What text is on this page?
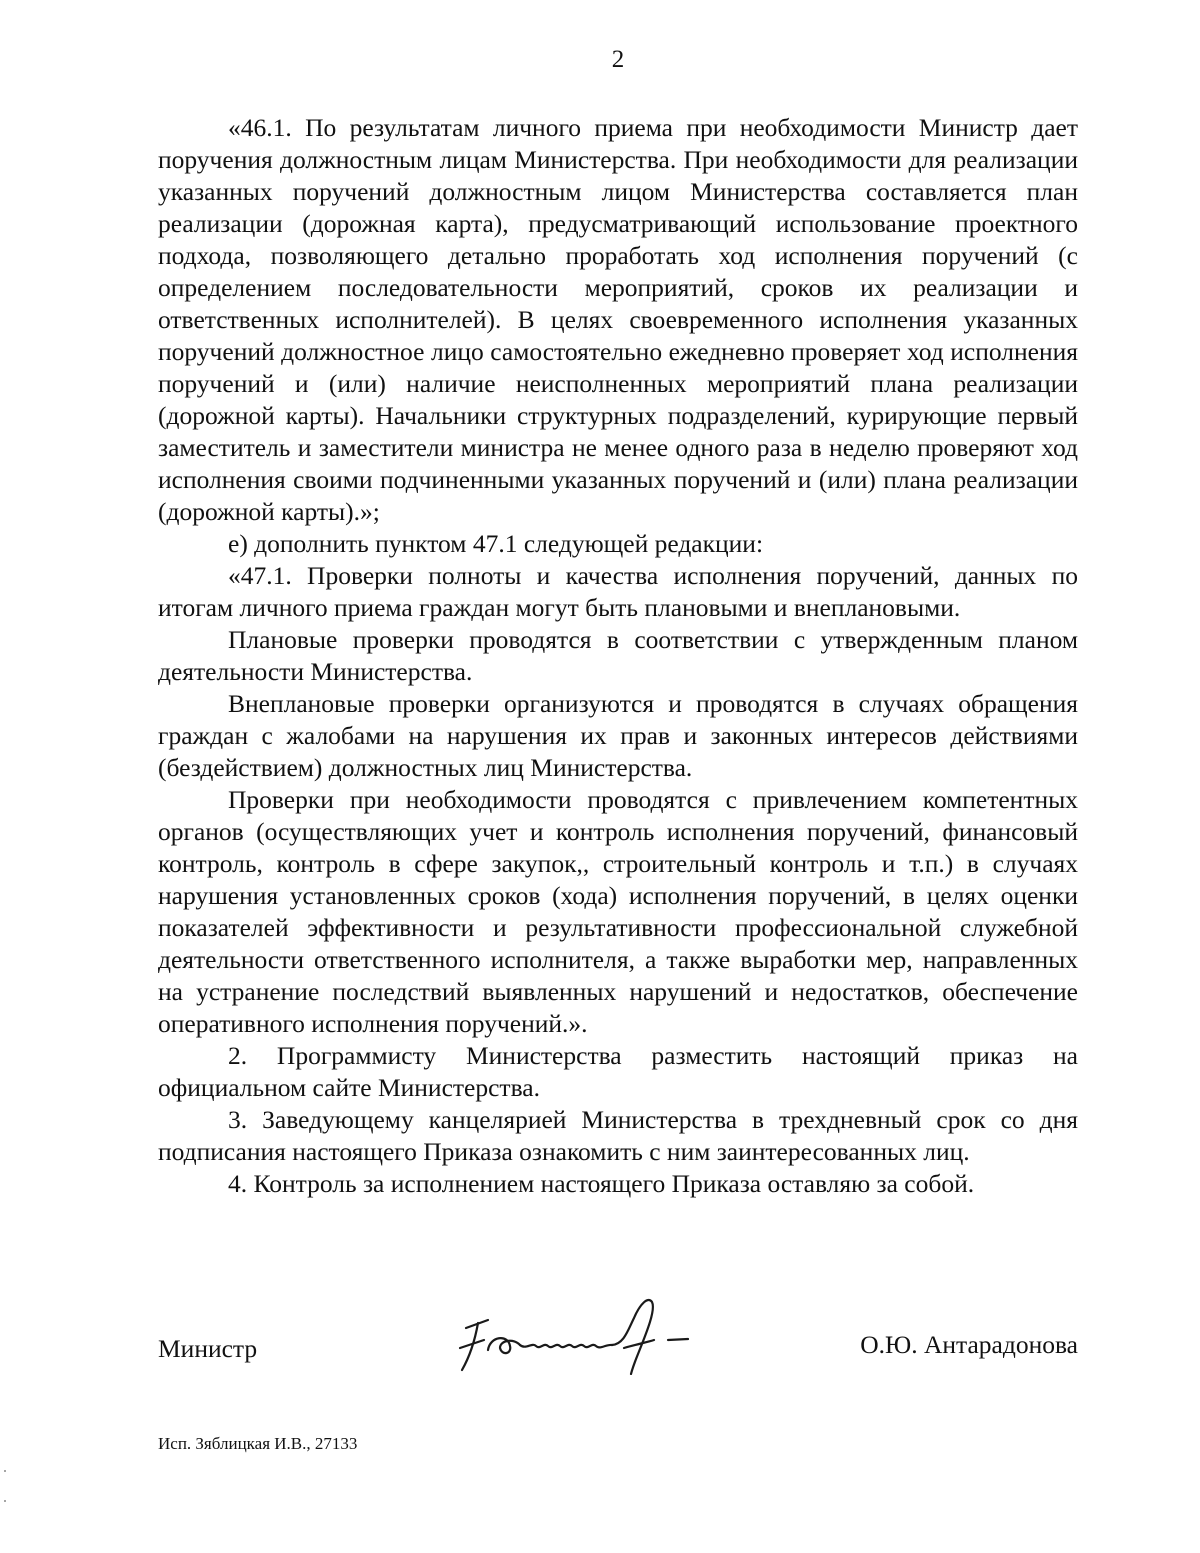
2

«46.1. По результатам личного приема при необходимости Министр дает поручения должностным лицам Министерства. При необходимости для реализации указанных поручений должностным лицом Министерства составляется план реализации (дорожная карта), предусматривающий использование проектного подхода, позволяющего детально проработать ход исполнения поручений (с определением последовательности мероприятий, сроков их реализации и ответственных исполнителей). В целях своевременного исполнения указанных поручений должностное лицо самостоятельно ежедневно проверяет ход исполнения поручений и (или) наличие неисполненных мероприятий плана реализации (дорожной карты). Начальники структурных подразделений, курирующие первый заместитель и заместители министра не менее одного раза в неделю проверяют ход исполнения своими подчиненными указанных поручений и (или) плана реализации (дорожной карты).»;

е) дополнить пунктом 47.1 следующей редакции:

«47.1. Проверки полноты и качества исполнения поручений, данных по итогам личного приема граждан могут быть плановыми и внеплановыми.

Плановые проверки проводятся в соответствии с утвержденным планом деятельности Министерства.

Внеплановые проверки организуются и проводятся в случаях обращения граждан с жалобами на нарушения их прав и законных интересов действиями (бездействием) должностных лиц Министерства.

Проверки при необходимости проводятся с привлечением компетентных органов (осуществляющих учет и контроль исполнения поручений, финансовый контроль, контроль в сфере закупок,, строительный контроль и т.п.) в случаях нарушения установленных сроков (хода) исполнения поручений, в целях оценки показателей эффективности и результативности профессиональной служебной деятельности ответственного исполнителя, а также выработки мер, направленных на устранение последствий выявленных нарушений и недостатков, обеспечение оперативного исполнения поручений.».

2. Программисту Министерства разместить настоящий приказ на официальном сайте Министерства.

3. Заведующему канцелярией Министерства в трехдневный срок со дня подписания настоящего Приказа ознакомить с ним заинтересованных лиц.

4. Контроль за исполнением настоящего Приказа оставляю за собой.

Министр	О.Ю. Антарадонова
Исп. Зяблицкая И.В., 27133
